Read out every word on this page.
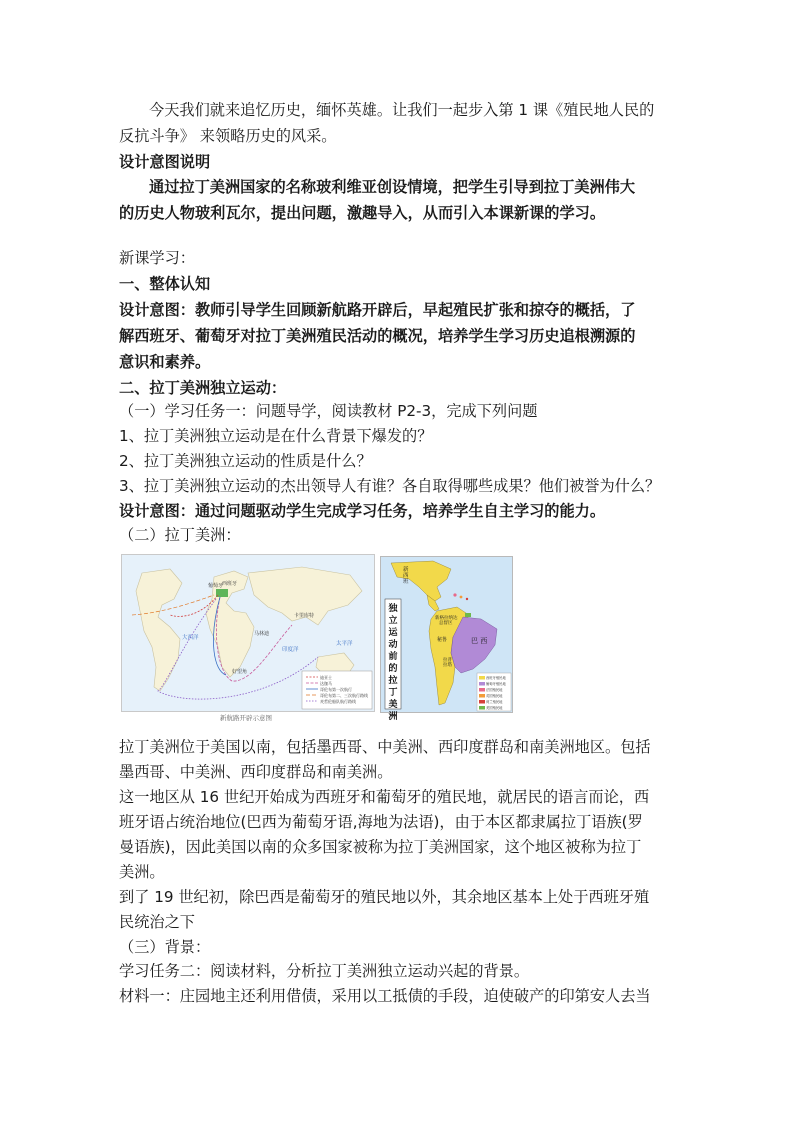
今天我们就来追忆历史，缅怀英雄。让我们一起步入第 1 课《殖民地人民的

反抗斗争》 来领略历史的风采。

设计意图说明

通过拉丁美洲国家的名称玻利维亚创设情境，把学生引导到拉丁美洲伟大

的历史人物玻利瓦尔，提出问题，激趣导入，从而引入本课新课的学习。

新课学习：

一、整体认知

设计意图：教师引导学生回顾新航路开辟后，早起殖民扩张和掠夺的概括，了

解西班牙、葡萄牙对拉丁美洲殖民活动的概况，培养学生学习历史追根溯源的

意识和素养。

二、拉丁美洲独立运动：

（一）学习任务一：问题导学，阅读教材 P2-3，完成下列问题

1、拉丁美洲独立运动是在什么背景下爆发的？

2、拉丁美洲独立运动的性质是什么？

3、拉丁美洲独立运动的杰出领导人有谁？各自取得哪些成果？他们被誉为什么？

设计意图：通过问题驱动学生完成学习任务，培养学生自主学习的能力。

（二）拉丁美洲：

葡萄牙
西班牙
马林迪
卡里库特
好望角
太平洋
大西洋
印度洋
迪亚士
达伽马
哥伦布第一次航行
哥伦布第二、三次航行路线
麦哲伦船队航行路线
新航路开辟示意图
新
西
班
新格拉纳达
总督区
秘鲁
拉普
拉塔
巴 西
西班牙殖民地
葡萄牙殖民地
法国殖民地
英国殖民地
荷兰殖民地
美国殖民地
独立运动前的拉丁美洲

拉丁美洲位于美国以南，包括墨西哥、中美洲、西印度群岛和南美洲地区。包括

墨西哥、中美洲、西印度群岛和南美洲。

这一地区从 16 世纪开始成为西班牙和葡萄牙的殖民地，就居民的语言而论，西

班牙语占统治地位(巴西为葡萄牙语,海地为法语)，由于本区都隶属拉丁语族(罗

曼语族)，因此美国以南的众多国家被称为拉丁美洲国家，这个地区被称为拉丁

美洲。

到了 19 世纪初，除巴西是葡萄牙的殖民地以外，其余地区基本上处于西班牙殖

民统治之下

（三）背景：

学习任务二：阅读材料，分析拉丁美洲独立运动兴起的背景。

材料一：庄园地主还利用借债，采用以工抵债的手段，迫使破产的印第安人去当
